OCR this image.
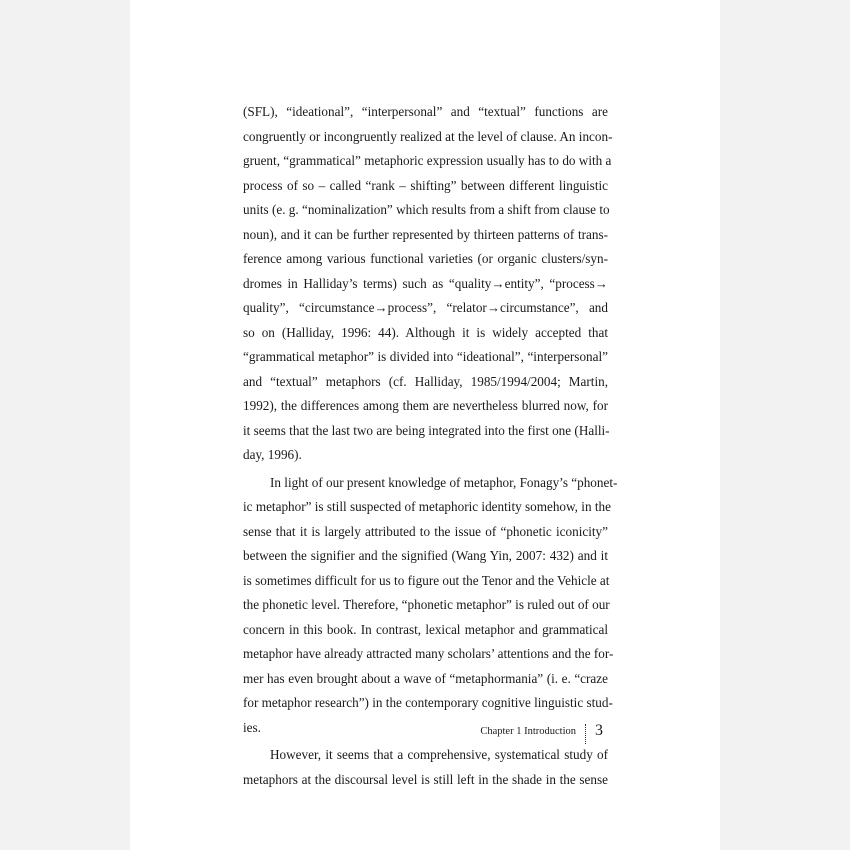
(SFL), “ideational”, “interpersonal” and “textual” functions are
congruently or incongruently realized at the level of clause. An incon-
gruent, “grammatical” metaphoric expression usually has to do with a
process of so – called “rank – shifting” between different linguistic
units (e. g. “nominalization” which results from a shift from clause to
noun), and it can be further represented by thirteen patterns of trans-
ference among various functional varieties (or organic clusters/syn-
dromes in Halliday’s terms) such as “quality→entity”, “process→
quality”, “circumstance→process”, “relator→circumstance”, and
so on (Halliday, 1996: 44). Although it is widely accepted that
“grammatical metaphor” is divided into “ideational”, “interpersonal”
and “textual” metaphors (cf. Halliday, 1985/1994/2004; Martin,
1992), the differences among them are nevertheless blurred now, for
it seems that the last two are being integrated into the first one (Halli-
day, 1996).
In light of our present knowledge of metaphor, Fonagy’s “phonet-
ic metaphor” is still suspected of metaphoric identity somehow, in the
sense that it is largely attributed to the issue of “phonetic iconicity”
between the signifier and the signified (Wang Yin, 2007: 432) and it
is sometimes difficult for us to figure out the Tenor and the Vehicle at
the phonetic level. Therefore, “phonetic metaphor” is ruled out of our
concern in this book. In contrast, lexical metaphor and grammatical
metaphor have already attracted many scholars’ attentions and the for-
mer has even brought about a wave of “metaphormania” (i. e. “craze
for metaphor research”) in the contemporary cognitive linguistic stud-
ies.
However, it seems that a comprehensive, systematical study of
metaphors at the discoursal level is still left in the shade in the sense
Chapter 1 Introduction 3
